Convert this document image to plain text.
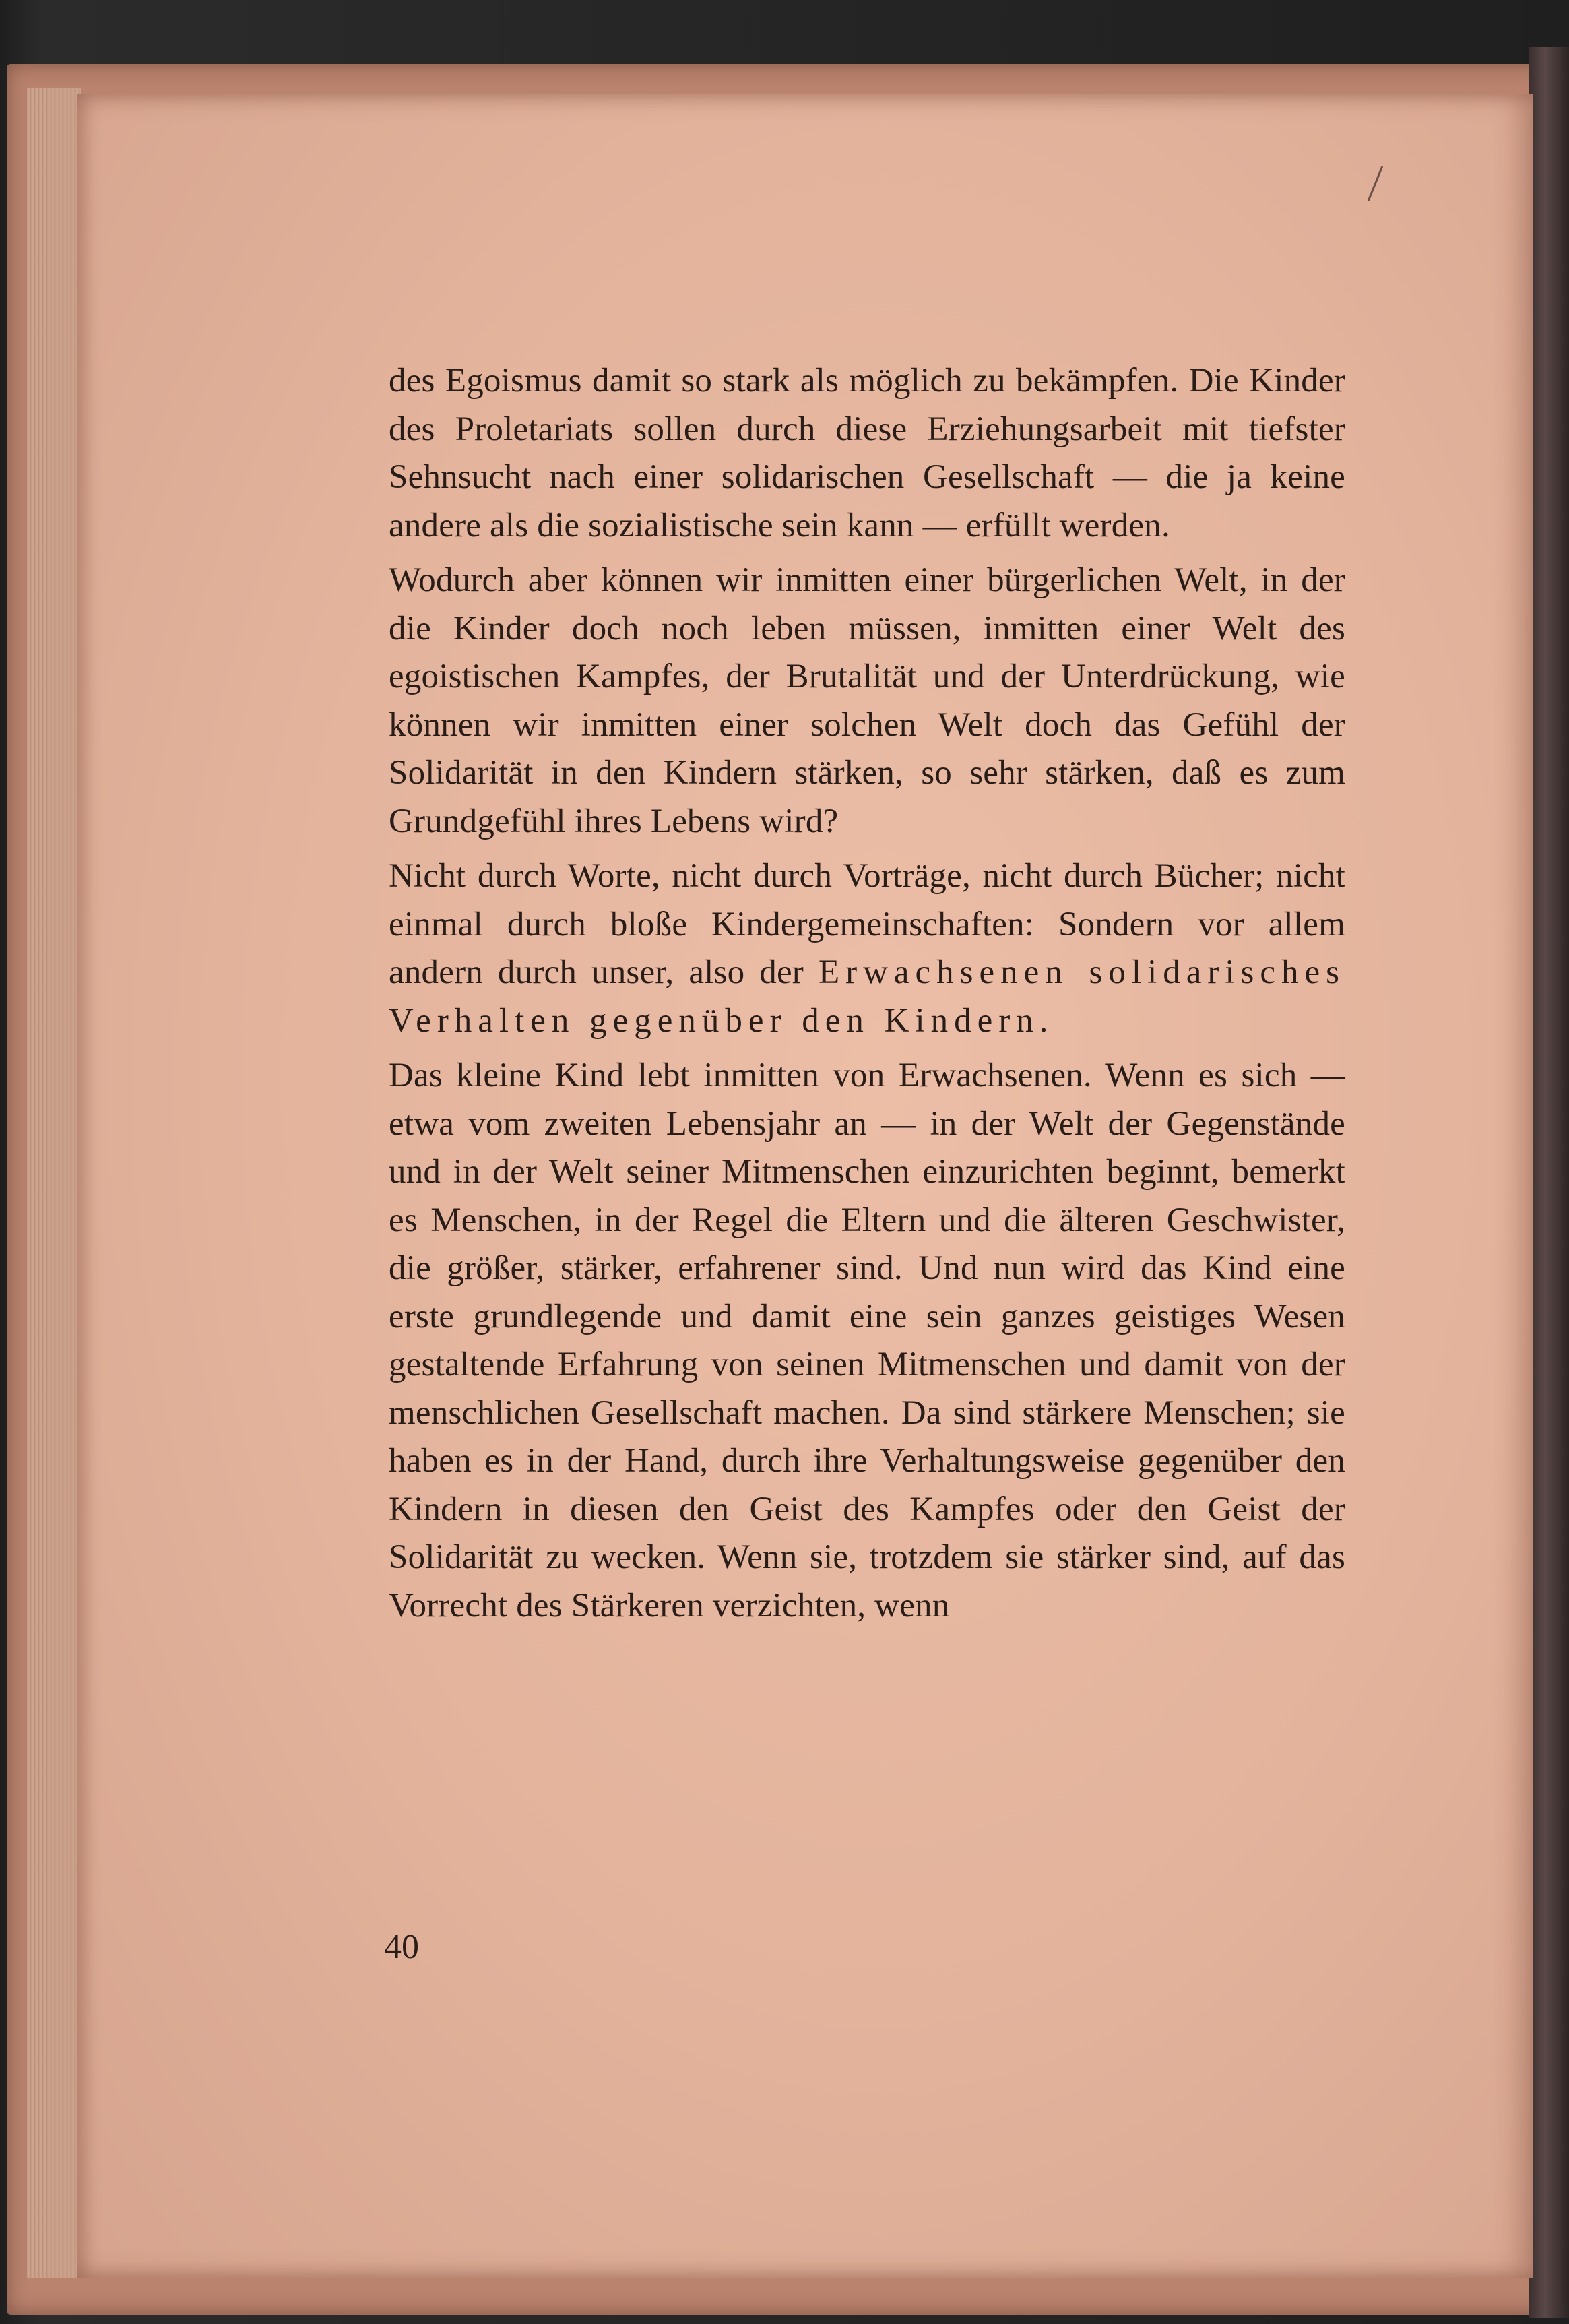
des Egoismus damit so stark als möglich zu bekämpfen. Die Kinder des Proletariats sollen durch diese Erziehungsarbeit mit tiefster Sehnsucht nach einer solidarischen Gesellschaft — die ja keine andere als die sozialistische sein kann — erfüllt werden.

Wodurch aber können wir inmitten einer bürgerlichen Welt, in der die Kinder doch noch leben müssen, inmitten einer Welt des egoistischen Kampfes, der Brutalität und der Unterdrückung, wie können wir inmitten einer solchen Welt doch das Gefühl der Solidarität in den Kindern stärken, so sehr stärken, daß es zum Grundgefühl ihres Lebens wird?

Nicht durch Worte, nicht durch Vorträge, nicht durch Bücher; nicht einmal durch bloße Kindergemeinschaften: Sondern vor allem andern durch unser, also der Erwachsenen solidarisches Verhalten gegenüber den Kindern.

Das kleine Kind lebt inmitten von Erwachsenen. Wenn es sich — etwa vom zweiten Lebensjahr an — in der Welt der Gegenstände und in der Welt seiner Mitmenschen einzurichten beginnt, bemerkt es Menschen, in der Regel die Eltern und die älteren Geschwister, die größer, stärker, erfahrener sind. Und nun wird das Kind eine erste grundlegende und damit eine sein ganzes geistiges Wesen gestaltende Erfahrung von seinen Mitmenschen und damit von der menschlichen Gesellschaft machen. Da sind stärkere Menschen; sie haben es in der Hand, durch ihre Verhaltungsweise gegenüber den Kindern in diesen den Geist des Kampfes oder den Geist der Solidarität zu wecken. Wenn sie, trotzdem sie stärker sind, auf das Vorrecht des Stärkeren verzichten, wenn

40
